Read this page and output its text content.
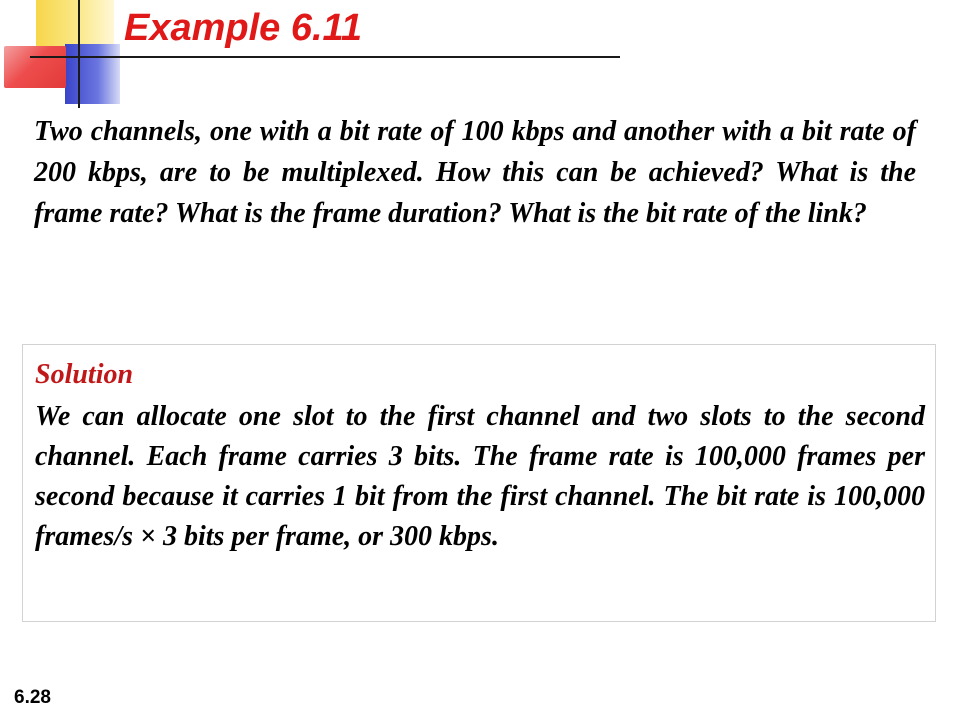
Example 6.11

Two channels, one with a bit rate of 100 kbps and another with a bit rate of 200 kbps, are to be multiplexed. How this can be achieved? What is the frame rate? What is the frame duration? What is the bit rate of the link?

Solution

We can allocate one slot to the first channel and two slots to the second channel. Each frame carries 3 bits. The frame rate is 100,000 frames per second because it carries 1 bit from the first channel. The bit rate is 100,000 frames/s × 3 bits per frame, or 300 kbps.

6.28
